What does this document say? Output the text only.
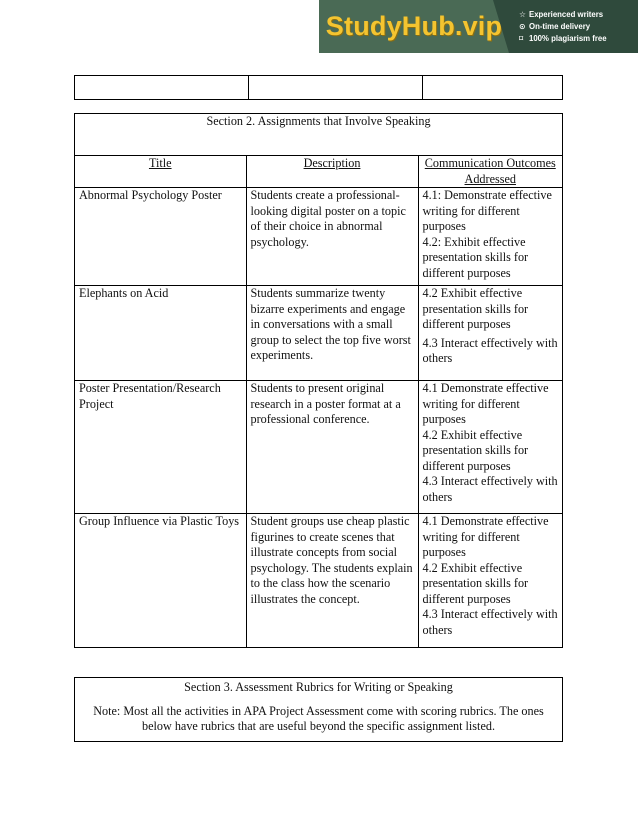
StudyHub.vip ☆ Experienced writers
⊙ On-time delivery
⌑ 100% plagiarism free

Section 2. Assignments that Involve Speaking		
Title	Description	Communication Outcomes Addressed
Abnormal Psychology Poster	Students create a professional-looking digital poster on a topic of their choice in abnormal psychology.	4.1: Demonstrate effective writing for different purposes
4.2: Exhibit effective presentation skills for different purposes

Elephants on Acid	Students summarize twenty bizarre experiments and engage in conversations with a small group to select the top five worst experiments.	4.2 Exhibit effective presentation skills for different purposes
4.3 Interact effectively with others

Poster Presentation/Research Project	Students to present original research in a poster format at a professional conference.	4.1 Demonstrate effective writing for different purposes
4.2 Exhibit effective presentation skills for different purposes
4.3 Interact effectively with others

Group Influence via Plastic Toys	Student groups use cheap plastic figurines to create scenes that illustrate concepts from social psychology. The students explain to the class how the scenario illustrates the concept.	4.1 Demonstrate effective writing for different purposes
4.2 Exhibit effective presentation skills for different purposes
4.3 Interact effectively with others
Section 3. Assessment Rubrics for Writing or Speaking
Note: Most all the activities in APA Project Assessment come with scoring rubrics. The ones below have rubrics that are useful beyond the specific assignment listed.
